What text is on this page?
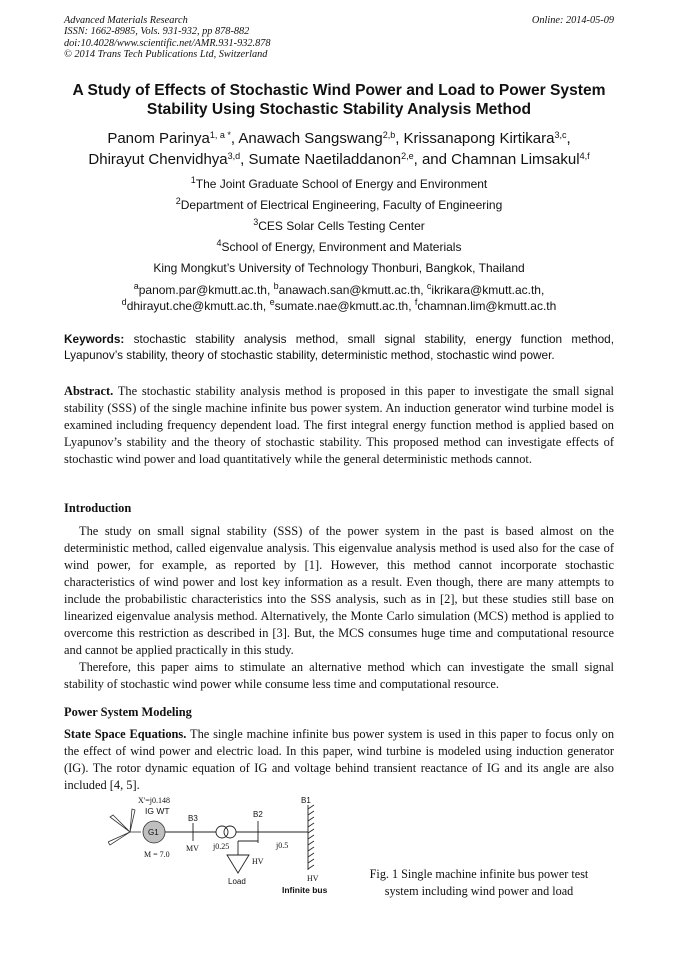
Advanced Materials Research
ISSN: 1662-8985, Vols. 931-932, pp 878-882
doi:10.4028/www.scientific.net/AMR.931-932.878
© 2014 Trans Tech Publications Ltd, Switzerland
Online: 2014-05-09
A Study of Effects of Stochastic Wind Power and Load to Power System
Stability Using Stochastic Stability Analysis Method
Panom Parinya$^{1, a *}$, Anawach Sangswang$^{2,b}$, Krissanapong Kirtikara$^{3,c}$,
Dhirayut Chenvidhya$^{3,d}$, Sumate Naetiladdanon$^{2,e}$, and Chamnan Limsakul$^{4,f}$
$^1$The Joint Graduate School of Energy and Environment
$^2$Department of Electrical Engineering, Faculty of Engineering
$^3$CES Solar Cells Testing Center
$^4$School of Energy, Environment and Materials
King Mongkut’s University of Technology Thonburi, Bangkok, Thailand
$^a$panom.par@kmutt.ac.th, $^b$anawach.san@kmutt.ac.th, $^c$ikrikara@kmutt.ac.th,
$^d$dhirayut.che@kmutt.ac.th, $^e$sumate.nae@kmutt.ac.th, $^f$chamnan.lim@kmutt.ac.th
Keywords: stochastic stability analysis method, small signal stability, energy function method, Lyapunov’s stability, theory of stochastic stability, deterministic method, stochastic wind power.
Abstract. The stochastic stability analysis method is proposed in this paper to investigate the small signal stability (SSS) of the single machine infinite bus power system. An induction generator wind turbine model is examined including frequency dependent load. The first integral energy function method is applied based on Lyapunov’s stability and the theory of stochastic stability. This proposed method can investigate effects of stochastic wind power and load quantitatively while the general deterministic methods cannot.
Introduction

The study on small signal stability (SSS) of the power system in the past is based almost on the deterministic method, called eigenvalue analysis. This eigenvalue analysis method is used also for the case of wind power, for example, as reported by [1]. However, this method cannot incorporate stochastic characteristics of wind power and lost key information as a result. Even though, there are many attempts to include the probabilistic characteristics into the SSS analysis, such as in [2], but these studies still base on linearized eigenvalue analysis method. Alternatively, the Monte Carlo simulation (MCS) method is applied to overcome this restriction as described in [3]. But, the MCS consumes huge time and computational resource and cannot be applied practically in this study.

Therefore, this paper aims to stimulate an alternative method which can investigate the small signal stability of stochastic wind power while consume less time and computational resource.

Power System Modeling
State Space Equations. The single machine infinite bus power system is used in this paper to focus only on the effect of wind power and electric load. In this paper, wind turbine is modeled using induction generator (IG). The rotor dynamic equation of IG and voltage behind transient reactance of IG and its angle are also included [4, 5].
X'=j0.148
IG WT
M = 7.0
B3	B2
B1
MV j0.25	j0.5
HV
HV
Load
Infinite bus
G1
Fig. 1 Single machine infinite bus power test
system including wind power and load
